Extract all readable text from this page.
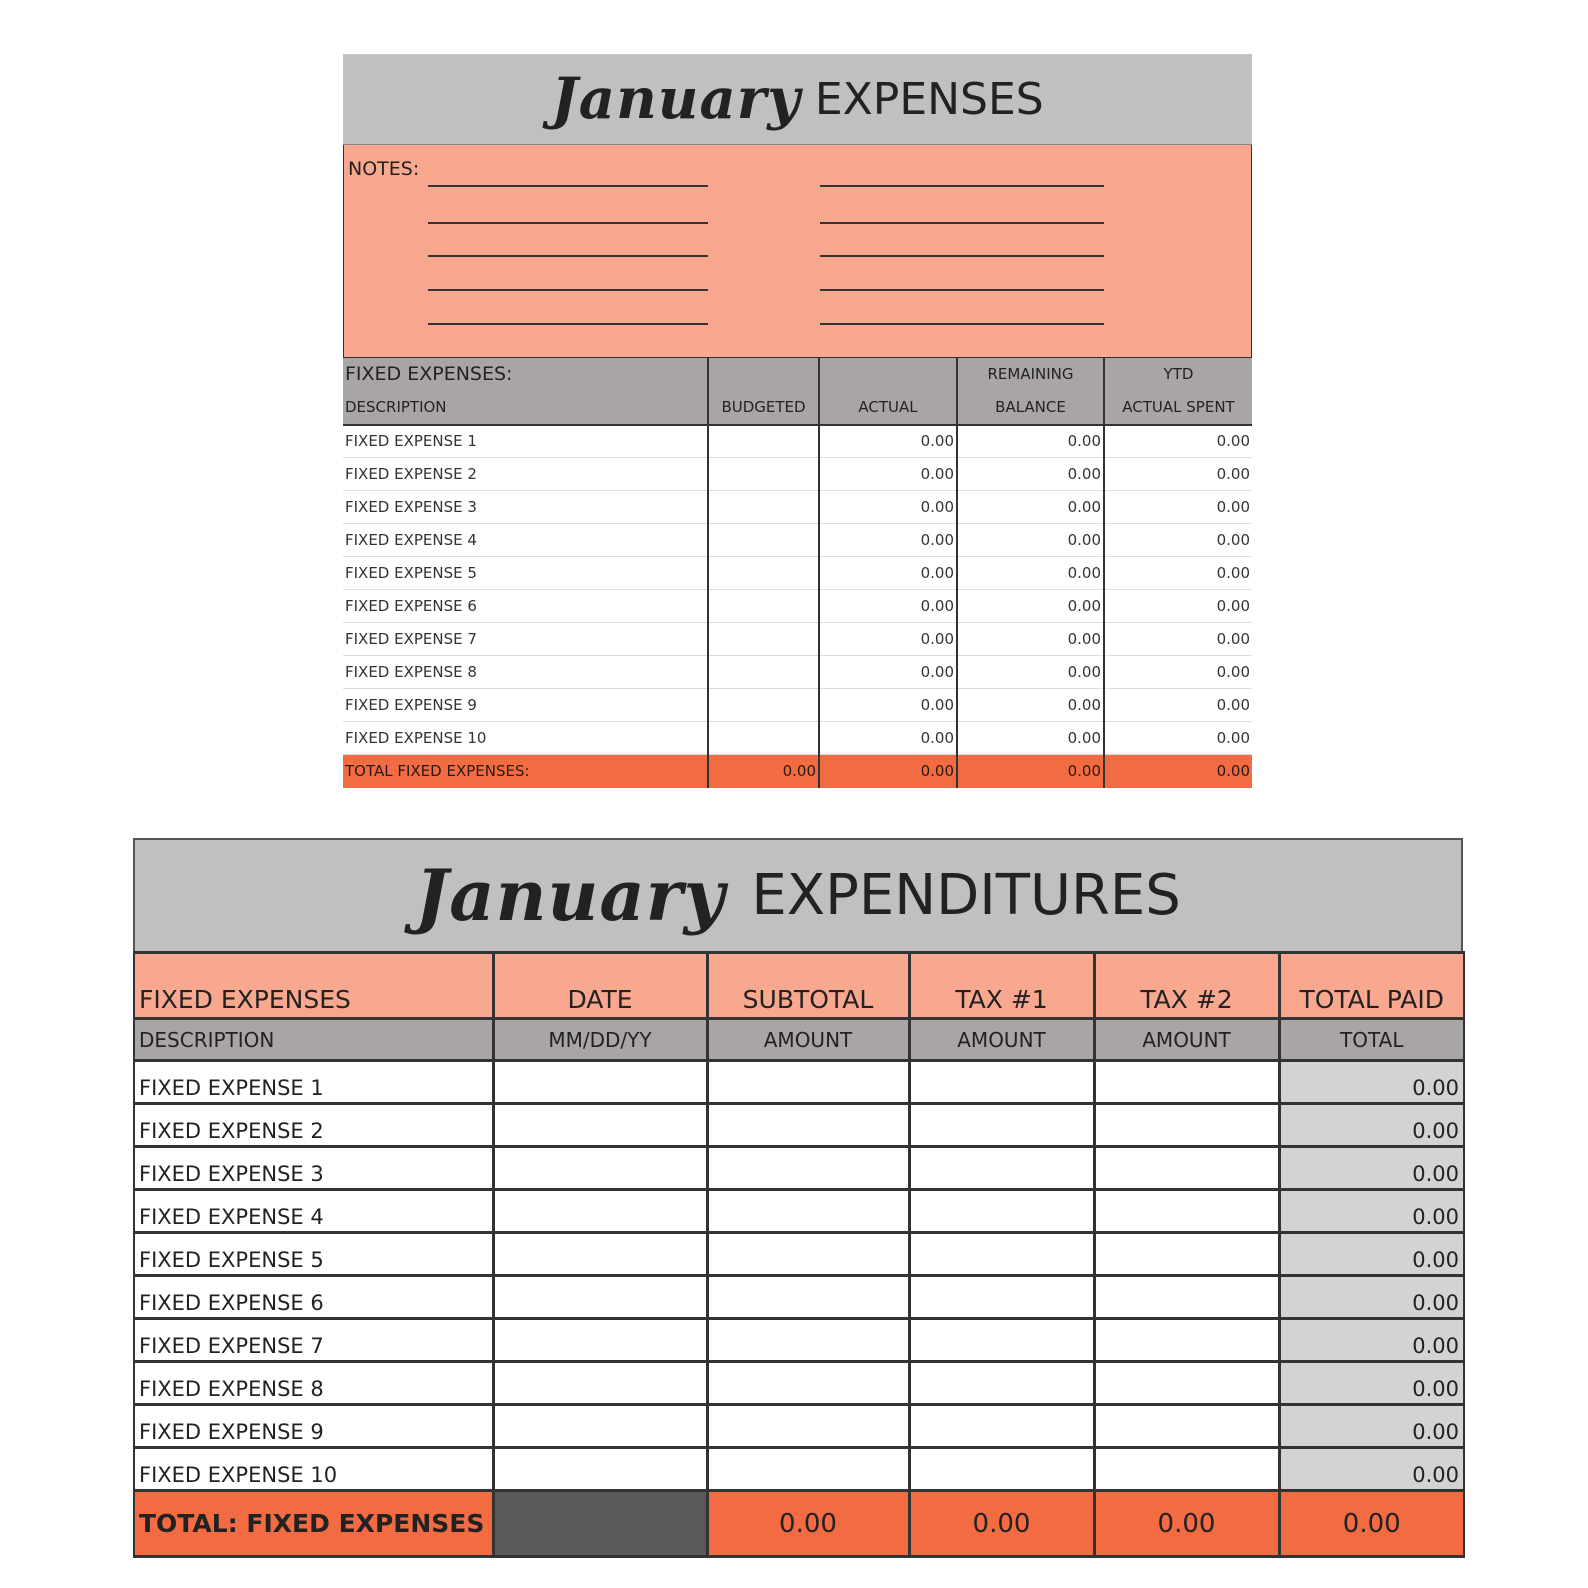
January EXPENSES
NOTES:
FIXED EXPENSES:			REMAINING	YTD
DESCRIPTION	BUDGETED	ACTUAL	BALANCE	ACTUAL SPENT
FIXED EXPENSE 1		0.00	0.00	0.00
FIXED EXPENSE 2		0.00	0.00	0.00
FIXED EXPENSE 3		0.00	0.00	0.00
FIXED EXPENSE 4		0.00	0.00	0.00
FIXED EXPENSE 5		0.00	0.00	0.00
FIXED EXPENSE 6		0.00	0.00	0.00
FIXED EXPENSE 7		0.00	0.00	0.00
FIXED EXPENSE 8		0.00	0.00	0.00
FIXED EXPENSE 9		0.00	0.00	0.00
FIXED EXPENSE 10		0.00	0.00	0.00
TOTAL FIXED EXPENSES:	0.00	0.00	0.00	0.00
January EXPENDITURES
FIXED EXPENSES	DATE	SUBTOTAL	TAX #1	TAX #2	TOTAL PAID
DESCRIPTION	MM/DD/YY	AMOUNT	AMOUNT	AMOUNT	TOTAL
FIXED EXPENSE 1					0.00
FIXED EXPENSE 2					0.00
FIXED EXPENSE 3					0.00
FIXED EXPENSE 4					0.00
FIXED EXPENSE 5					0.00
FIXED EXPENSE 6					0.00
FIXED EXPENSE 7					0.00
FIXED EXPENSE 8					0.00
FIXED EXPENSE 9					0.00
FIXED EXPENSE 10					0.00
TOTAL: FIXED EXPENSES		0.00	0.00	0.00	0.00
